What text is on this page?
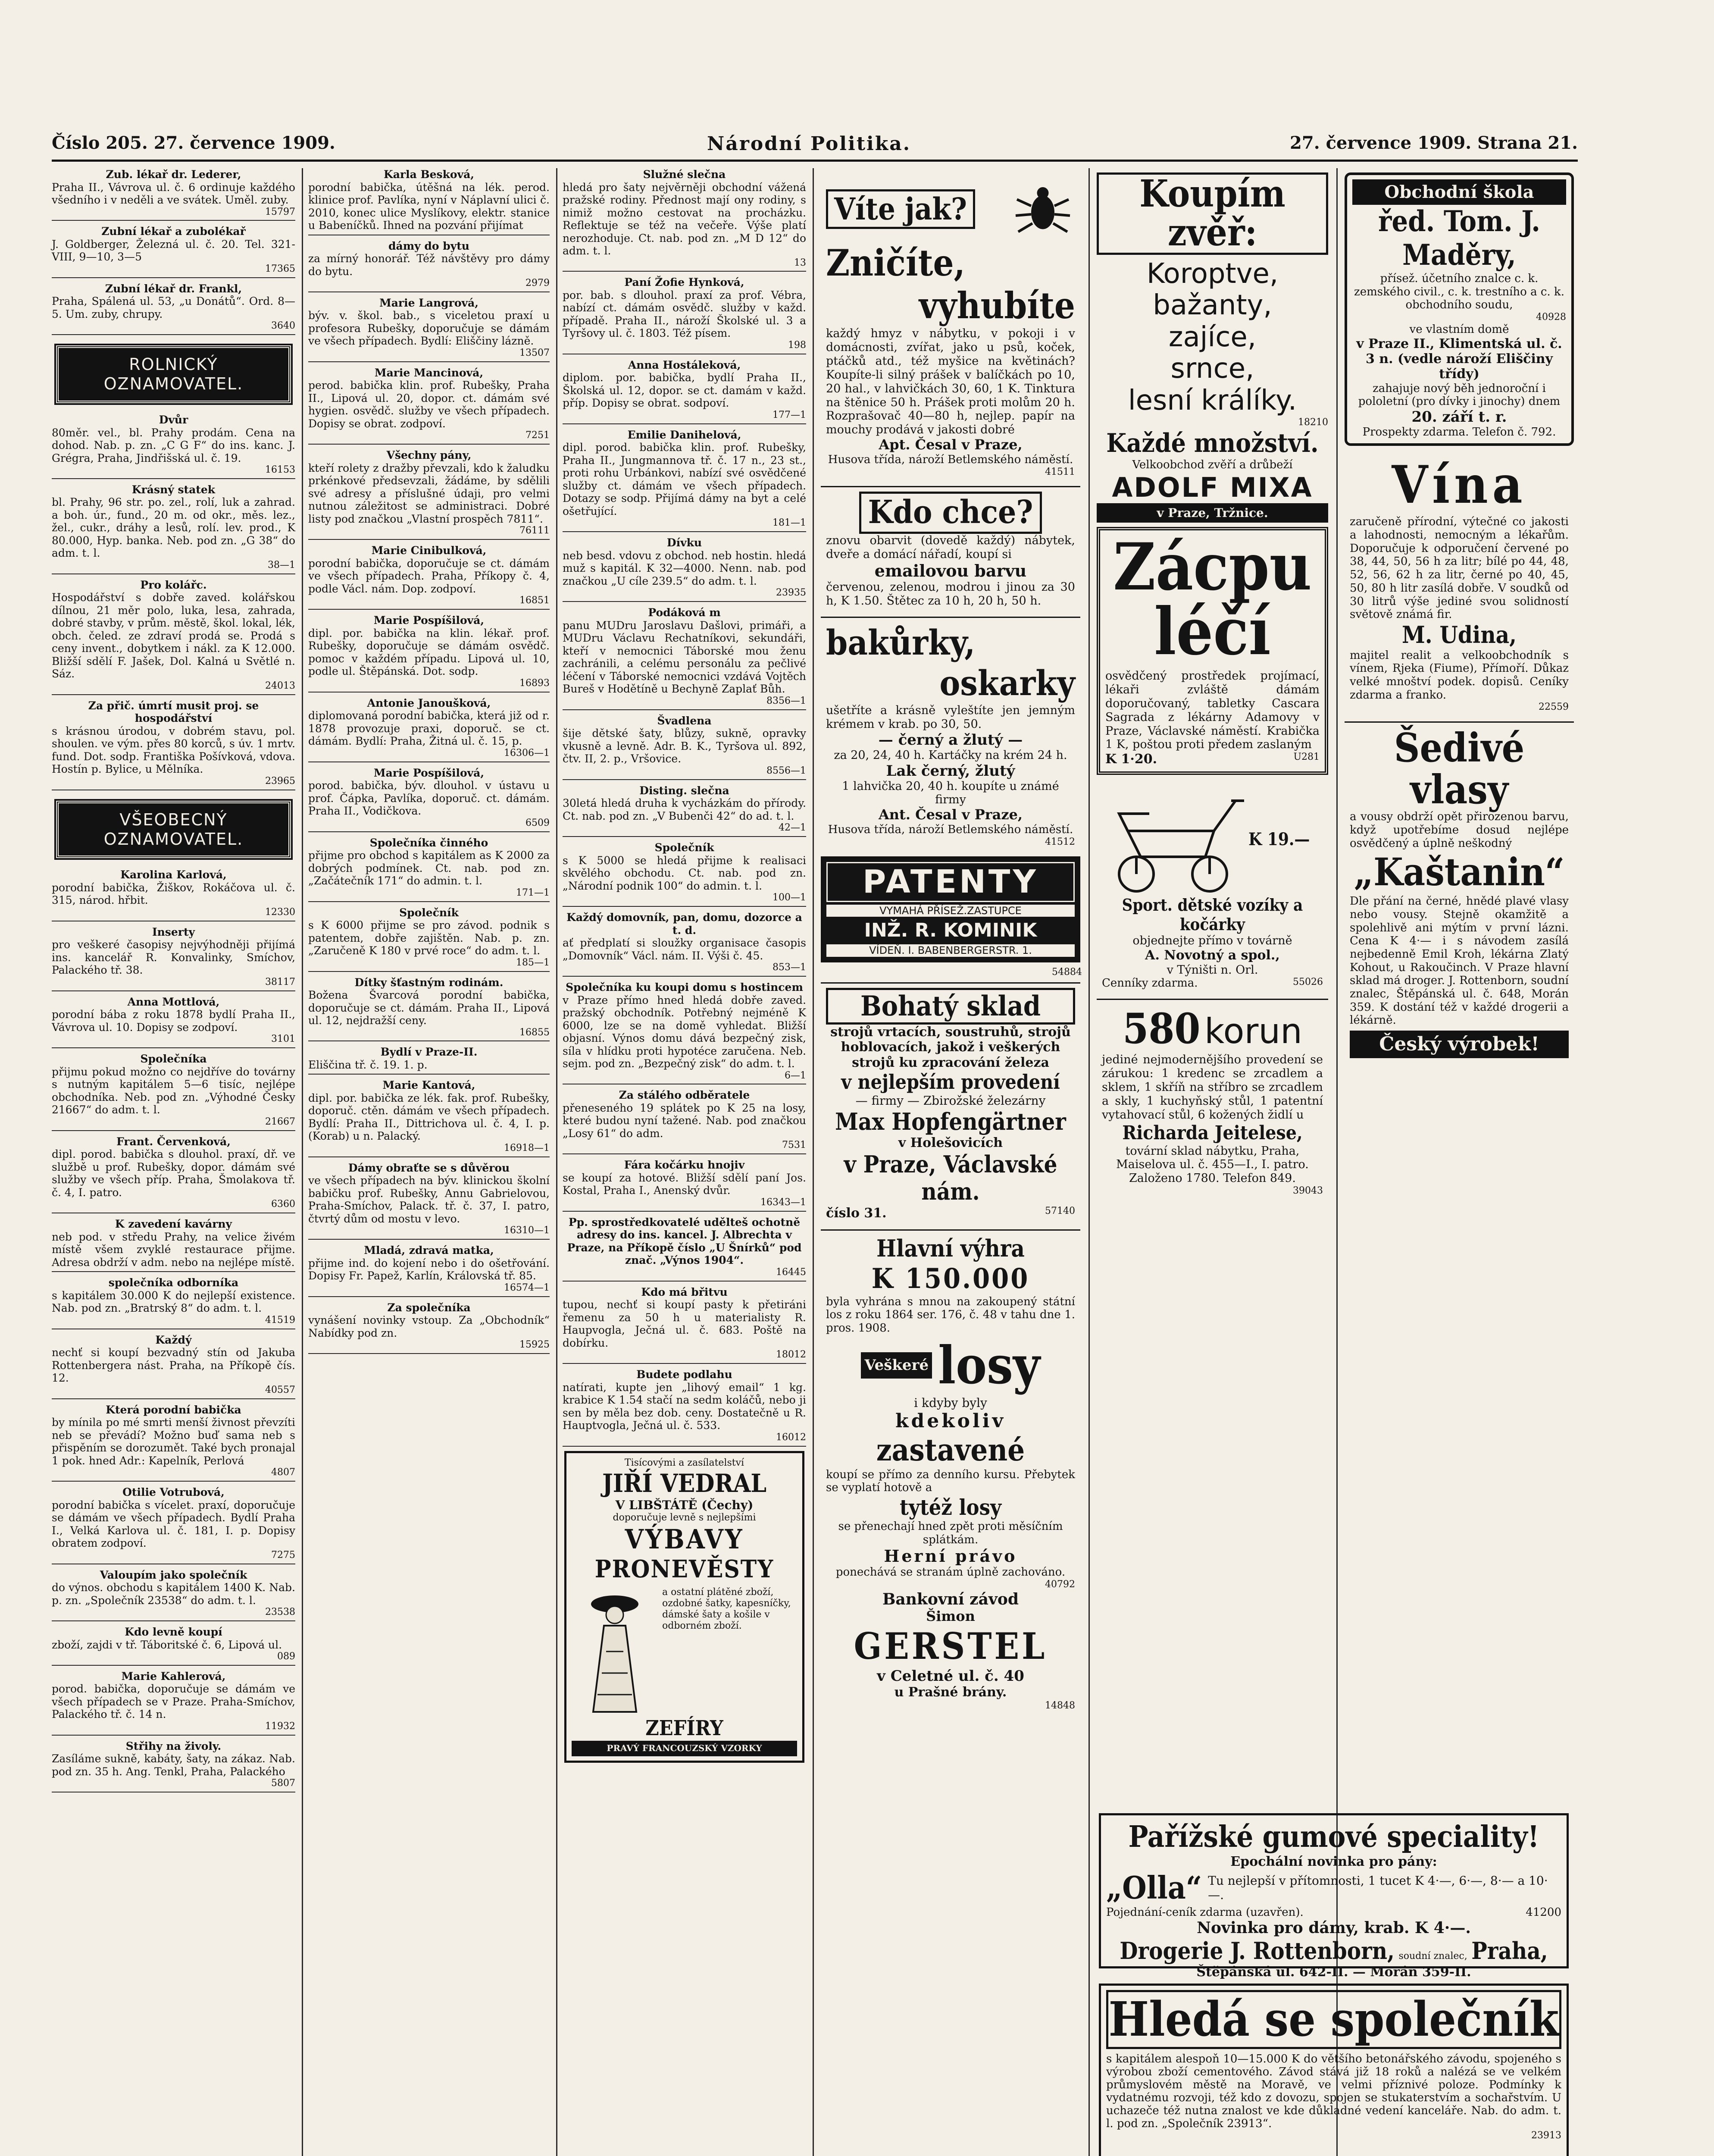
Číslo 205. 27. července 1909.	Národní Politika.	27. července 1909. Strana 21.
Zub. lékař dr. Lederer,
Praha II., Vávrova ul. č. 6 ordinuje každého všedního i v neděli a ve svátek. Uměl. zuby.
15797
Zubní lékař a zubolékař
J. Goldberger, Železná ul. č. 20. Tel. 321-VIII, 9—10, 3—5
17365
Zubní lékař dr. Frankl,
Praha, Spálená ul. 53, „u Donátů“. Ord. 8—5. Um. zuby, chrupy.
3640
ROLNICKÝ OZNAMOVATEL.
Dvůr
80měr. vel., bl. Prahy prodám. Cena na dohod. Nab. p. zn. „C G F“ do ins. kanc. J. Grégra, Praha, Jindřišská ul. č. 19.
16153
Krásný statek
bl. Prahy, 96 str. po. zel., rolí, luk a zahrad. a boh. úr., fund., 20 m. od okr., měs. lez., žel., cukr., dráhy a lesů, rolí. lev. prod., K 80.000, Hyp. banka. Neb. pod zn. „G 38“ do adm. t. l.
38—1
Pro kolářc.
Hospodářství s dobře zaved. kolářskou dílnou, 21 měr polo, luka, lesa, zahrada, dobré stavby, v prům. městě, škol. lokal, lék, obch. čeled. ze zdraví prodá se. Prodá s ceny invent., dobytkem i nákl. za K 12.000. Bližší sdělí F. Jašek, Dol. Kalná u Světlé n. Sáz.
24013
Za přič. úmrtí musit proj. se hospodářství
s krásnou úrodou, v dobrém stavu, pol. shoulen. ve vým. přes 80 korců, s úv. 1 mrtv. fund. Dot. sodp. Františka Pošívková, vdova. Hostín p. Bylice, u Mělníka.
23965
VŠEOBECNÝ OZNAMOVATEL.
Karolina Karlová,
porodní babička, Žiškov, Rokáčova ul. č. 315, národ. hřbit.
12330
Inserty
pro veškeré časopisy nejvýhodněji přijímá ins. kancelář R. Konvalinky, Smíchov, Palackého tř. 38.
38117
Anna Mottlová,
porodní bába z roku 1878 bydlí Praha II., Vávrova ul. 10. Dopisy se zodpoví.
3101
Společníka
přijmu pokud možno co nejdříve do továrny s nutným kapitálem 5—6 tisíc, nejlépe obchodníka. Neb. pod zn. „Výhodné Česky 21667“ do adm. t. l.
21667
Frant. Červenková,
dipl. porod. babička s dlouhol. praxí, dř. ve službě u prof. Rubešky, dopor. dámám své služby ve všech příp. Praha, Šmolakova tř. č. 4, I. patro.
6360
K zavedení kavárny
neb pod. v středu Prahy, na velice živém místě všem zvyklé restaurace přijme. Adresa obdrží v adm. nebo na nejlépe místě.
společníka odborníka
s kapitálem 30.000 K do nejlepší existence. Nab. pod zn. „Bratrský 8“ do adm. t. l.
41519
Každý
nechť si koupí bezvadný stín od Jakuba Rottenbergera nást. Praha, na Příkopě čís. 12.
40557
Která porodní babička
by mínila po mé smrti menší živnost převzíti neb se převádí? Možno buď sama neb s přispěním se dorozumět. Také bych pronajal 1 pok. hned Adr.: Kapelník, Perlová
4807
Otilie Votrubová,
porodní babička s vícelet. praxí, doporučuje se dámám ve všech případech. Bydlí Praha I., Velká Karlova ul. č. 181, I. p. Dopisy obratem zodpoví.
7275
Valoupím jako společník
do výnos. obchodu s kapitálem 1400 K. Nab. p. zn. „Společník 23538“ do adm. t. l.
23538
Kdo levně koupí
zboží, zajdi v tř. Táboritské č. 6, Lipová ul.
089
Marie Kahlerová,
porod. babička, doporučuje se dámám ve všech případech se v Praze. Praha-Smíchov, Palackého tř. č. 14 n.
11932
Střihy na živoly.
Zasíláme sukně, kabáty, šaty, na zákaz. Nab. pod zn. 35 h. Ang. Tenkl, Praha, Palackého
5807
Karla Besková,
porodní babička, útěšná na lék. perod. klinice prof. Pavlíka, nyní v Náplavní ulici č. 2010, konec ulice Myslíkovy, elektr. stanice u Babeníčků. Ihned na pozvání přijímat
dámy do bytu
za mírný honorář. Též návštěvy pro dámy do bytu.
2979
Marie Langrová,
býv. v. škol. bab., s viceletou praxí u profesora Rubešky, doporučuje se dámám ve všech případech. Bydlí: Eliščiny lázně.
13507
Marie Mancinová,
perod. babička klin. prof. Rubešky, Praha II., Lipová ul. 20, dopor. ct. dámám své hygien. osvědč. služby ve všech případech. Dopisy se obrat. zodpoví.
7251
Všechny pány,
kteří rolety z dražby převzali, kdo k žaludku prkénkové předsevzali, žádáme, by sdělili své adresy a příslušné údaji, pro velmi nutnou záležitost se administraci. Dobré listy pod značkou „Vlastní prospěch 7811“.
76111
Marie Cinibulková,
porodní babička, doporučuje se ct. dámám ve všech případech. Praha, Příkopy č. 4, podle Václ. nám. Dop. zodpoví.
16851
Marie Pospíšilová,
dipl. por. babička na klin. lékař. prof. Rubešky, doporučuje se dámám osvědč. pomoc v každém případu. Lipová ul. 10, podle ul. Štěpánská. Dot. sodp.
16893
Antonie Janoušková,
diplomovaná porodní babička, která již od r. 1878 provozuje praxi, doporuč. se ct. dámám. Bydlí: Praha, Žitná ul. č. 15, p.
16306—1
Marie Pospíšilová,
porod. babička, býv. dlouhol. v ústavu u prof. Čápka, Pavlíka, doporuč. ct. dámám. Praha II., Vodičkova.
6509
Společníka činného
přijme pro obchod s kapitálem as K 2000 za dobrých podmínek. Ct. nab. pod zn. „Začátečník 171“ do admin. t. l.
171—1
Společník
s K 6000 přijme se pro závod. podnik s patentem, dobře zajištěn. Nab. p. zn. „Zaručeně K 180 v prvé roce“ do adm. t. l.
185—1
Dítky šťastným rodinám.
Božena Švarcová porodní babička, doporučuje se ct. dámám. Praha II., Lipová ul. 12, nejdražší ceny.
16855
Bydlí v Praze-II.
Eliščina tř. č. 19. 1. p.
Marie Kantová,
dipl. por. babička ze lék. fak. prof. Rubešky, doporuč. ctěn. dámám ve všech případech. Bydlí: Praha II., Dittrichova ul. č. 4, I. p. (Korab) u n. Palacký.
16918—1
Dámy obraťte se s důvěrou
ve všech případech na býv. klinickou školní babičku prof. Rubešky, Annu Gabrielovou, Praha-Smíchov, Palack. tř. č. 37, I. patro, čtvrtý dům od mostu v levo.
16310—1
Mladá, zdravá matka,
přijme ind. do kojení nebo i do ošetřování. Dopisy Fr. Papež, Karlín, Královská tř. 85.
16574—1
Za společníka
vynášení novinky vstoup. Za „Obchodník“ Nabídky pod zn.
15925
Služné slečna
hledá pro šaty nejvěrněji obchodní vážená pražské rodiny. Přednost mají ony rodiny, s nimiž možno cestovat na procházku. Reflektuje se též na večeře. Výše platí nerozhoduje. Ct. nab. pod zn. „M D 12“ do adm. t. l.
13
Paní Žofie Hynková,
por. bab. s dlouhol. praxí za prof. Vébra, nabízí ct. dámám osvědč. služby v každ. případě. Praha II., nároží Školské ul. 3 a Tyršovy ul. č. 1803. Též písem.
198
Anna Hostáleková,
diplom. por. babička, bydlí Praha II., Školská ul. 12, dopor. se ct. damám v každ. příp. Dopisy se obrat. sodpoví.
177—1
Emilie Danihelová,
dipl. porod. babička klin. prof. Rubešky, Praha II., Jungmannova tř. č. 17 n., 23 st., proti rohu Urbánkovi, nabízí své osvědčené služby ct. dámám ve všech případech. Dotazy se sodp. Přijímá dámy na byt a celé ošetřující.
181—1
Dívku
neb besd. vdovu z obchod. neb hostin. hledá muž s kapitál. K 32—4000. Nenn. nab. pod značkou „U cíle 239.5“ do adm. t. l.
23935
Podáková m
panu MUDru Jaroslavu Dašlovi, primáři, a MUDru Václavu Rechatníkovi, sekundáři, kteří v nemocnici Táborské mou ženu zachránili, a celému personálu za pečlivé léčení v Táborské nemocnici vzdává Vojtěch Bureš v Hodětíně u Bechyně Zaplať Bůh.
8356—1
Švadlena
šije dětské šaty, blůzy, sukně, opravky vkusně a levně. Adr. B. K., Tyršova ul. 892, čtv. II, 2. p., Vršovice.
8556—1
Disting. slečna
30letá hledá druha k vycházkám do přírody. Ct. nab. pod zn. „V Bubenči 42“ do ad. t. l.
42—1
Společník
s K 5000 se hledá přijme k realisaci skvělého obchodu. Ct. nab. pod zn. „Národní podnik 100“ do admin. t. l.
100—1
Každý domovník, pan, domu, dozorce a t. d.
ať předplatí si sloužky organisace časopis „Domovník“ Václ. nám. II. Výši č. 45.
853—1
Společníka ku koupi domu s hostincem
v Praze přímo hned hledá dobře zaved. pražský obchodník. Potřebný nejméně K 6000, lze se na domě vyhledat. Bližší objasní. Výnos domu dává bezpečný zisk, síla v hlídku proti hypotéce zaručena. Neb. sejm. pod zn. „Bezpečný zisk“ do adm. t. l.
6—1
Za stálého odběratele
přeneseného 19 splátek po K 25 na losy, které budou nyní tažené. Nab. pod značkou „Losy 61“ do adm.
7531
Fára kočárku hnojiv
se koupí za hotové. Bližší sdělí paní Jos. Kostal, Praha I., Anenský dvůr.
16343—1
Pp. sprostředkovatelé udělteš ochotně adresy do ins. kancel. J. Albrechta v Praze, na Příkopě číslo „U Šnírků“ pod znač. „Výnos 1904“.
16445
Kdo má břitvu
tupou, nechť si koupí pasty k přetiráni řemenu za 50 h u materialisty R. Haupvogla, Ječná ul. č. 683. Poště na dobírku.
18012
Budete podlahu
natírati, kupte jen „lihový email“ 1 kg. krabice K 1.54 stačí na sedm koláčů, nebo ji sen by měla bez dob. ceny. Dostatečně u R. Hauptvogla, Ječná ul. č. 533.
16012
Tisícovými a zasílatelství
JIŘÍ VEDRAL
V LIBŠTÁTĚ (Čechy)
doporučuje levně s nejlepšími
VÝBAVY
PRONEVĚSTY
a ostatní plátěné zboží, ozdobné šatky, kapesníčky, dámské šaty a košile v odborném zboží.
ZEFÍRY
PRAVÝ FRANCOUZSKÝ VZORKY
Víte jak?
Zničíte,
vyhubíte
každý hmyz v nábytku, v pokoji i v domácnosti, zvířat, jako u psů, koček, ptáčků atd., též myšice na květinách? Koupíte-li silný prášek v balíčkách po 10, 20 hal., v lahvičkách 30, 60, 1 K. Tinktura na štěnice 50 h. Prášek proti molům 20 h. Rozprašovač 40—80 h, nejlep. papír na mouchy prodává v jakosti dobré
Apt. Česal v Praze,
Husova třída, nároží Betlemského náměstí.
41511
Kdo chce?
znovu obarvit (dovedě každý) nábytek, dveře a domácí nářadí, koupí si
emailovou barvu
červenou, zelenou, modrou i jinou za 30 h, K 1.50. Štětec za 10 h, 20 h, 50 h.
bakůrky,
oskarky
ušetříte a krásně vyleštíte jen jemným krémem v krab. po 30, 50.
— černý a žlutý —
za 20, 24, 40 h. Kartáčky na krém 24 h.
Lak černý, žlutý
1 lahvička 20, 40 h. koupíte u známé firmy
Ant. Česal v Praze,
Husova třída, nároží Betlemského náměstí.
41512
PATENTY
VYMAHÁ PŘÍSEŽ.ZASTUPCE
INŽ. R. KOMINIK
VÍDEŇ. I. BABENBERGERSTR. 1.
54884
Bohatý sklad
strojů vrtacích, soustruhů, strojů hoblovacích, jakož i veškerých strojů ku zpracování železa
v nejlepším provedení
— firmy — Zbirožské železárny
Max Hopfengärtner
v Holešovicích
v Praze, Václavské nám.
číslo 31.	57140
Hlavní výhra
K 150.000
byla vyhrána s mnou na zakoupený státní los z roku 1864 ser. 176, č. 48 v tahu dne 1. pros. 1908.
Veškeré losy
i kdyby byly
kdekoliv
zastavené
koupí se přímo za denního kursu. Přebytek se vyplatí hotově a
tytéž losy
se přenechají hned zpět proti měsíčním splátkám.
Herní právo
ponechává se stranám úplně zachováno.
40792
Bankovní závod
Šimon
GERSTEL
v Celetné ul. č. 40
u Prašné brány.
14848
Koupím zvěř:
Koroptve,
bažanty,
zajíce,
srnce,
lesní králíky.
18210
Každé množství.
Velkoobchod zvěří a drůbeží
ADOLF MIXA
v Praze, Tržnice.
Zácpu
léčí
osvědčený prostředek projímací, lékaři zvláště dámám doporučovaný, tabletky Cascara Sagrada z lékárny Adamovy v Praze, Václavské náměstí. Krabička 1 K, poštou proti předem zaslaným
K 1·20.	U281
K 19.—
Sport. dětské vozíky a kočárky
objednejte přímo v továrně
A. Novotný a spol.,
v Týništi n. Orl.
Cenníky zdarma.	55026
580 korun
jediné nejmodernějšího provedení se zárukou: 1 kredenc se zrcadlem a sklem, 1 skříň na stříbro se zrcadlem a skly, 1 kuchyňský stůl, 1 patentní vytahovací stůl, 6 kožených židlí u
Richarda Jeitelese,
tovární sklad nábytku, Praha, Maiselova ul. č. 455—I., I. patro. Založeno 1780. Telefon 849.
39043
Pařížské gumové speciality!
Epochální novinka pro pány:
„Olla“ Tu nejlepší v přítomnosti, 1 tucet K 4·—, 6·—, 8·— a 10·—.
Pojednání-ceník zdarma (uzavřen).	41200
Novinka pro dámy, krab. K 4·—.
Drogerie J. Rottenborn, soudní znalec, Praha,
Štěpánská ul. 642-II. — Morán 359-II.
Obchodní škola
řed. Tom. J. Maděry,
přísež. účetního znalce c. k. zemského civil., c. k. trestního a c. k. obchodního soudu,
40928
ve vlastním domě
v Praze II., Klimentská ul. č. 3 n. (vedle nároží Eliščiny třídy)
zahajuje nový běh jednoroční i pololetní (pro dívky i jinochy) dnem
20. září t. r.
Prospekty zdarma. Telefon č. 792.
Vína
zaručeně přírodní, výtečné co jakosti a lahodnosti, nemocným a lékařům. Doporučuje k odporučení červené po 38, 44, 50, 56 h za litr; bílé po 44, 48, 52, 56, 62 h za litr, černé po 40, 45, 50, 80 h litr zasílá dobře. V soudků od 30 litrů výše jediné svou solidností světově známá fir.
M. Udina,
majitel realit a velkoobchodník s vínem, Rjeka (Fiume), Přímoří. Důkaz velké mnoštví podek. dopisů. Ceníky zdarma a franko.
22559
Šedivé vlasy
a vousy obdrží opět přirozenou barvu, když upotřebíme dosud nejlépe osvědčený a úplně neškodný
„Kaštanin“
Dle přání na černé, hnědé plavé vlasy nebo vousy. Stejně okamžitě a spolehlivě ani mýtím v první lázni. Cena K 4·— i s návodem zasílá nejbedenně Emil Kroh, lékárna Zlatý Kohout, u Rakoučinch. V Praze hlavní sklad má droger. J. Rottenborn, soudní znalec, Štěpánská ul. č. 648, Morán 359. K dostání též v každé drogerii a lékárně.
Český výrobek!
Hledá se společník
s kapitálem alespoň 10—15.000 K do většího betonářského závodu, spojeného s výrobou zboží cementového. Závod stává již 18 roků a nalézá se ve velkém průmyslovém městě na Moravě, ve velmi příznivé poloze. Podmínky k vydatnému rozvoji, též kdo z dovozu, spojen se stukaterstvím a sochařstvím. U uchazeče též nutna znalost ve kde důkladné vedení kanceláře. Nab. do adm. t. l. pod zn. „Společník 23913“.
23913
